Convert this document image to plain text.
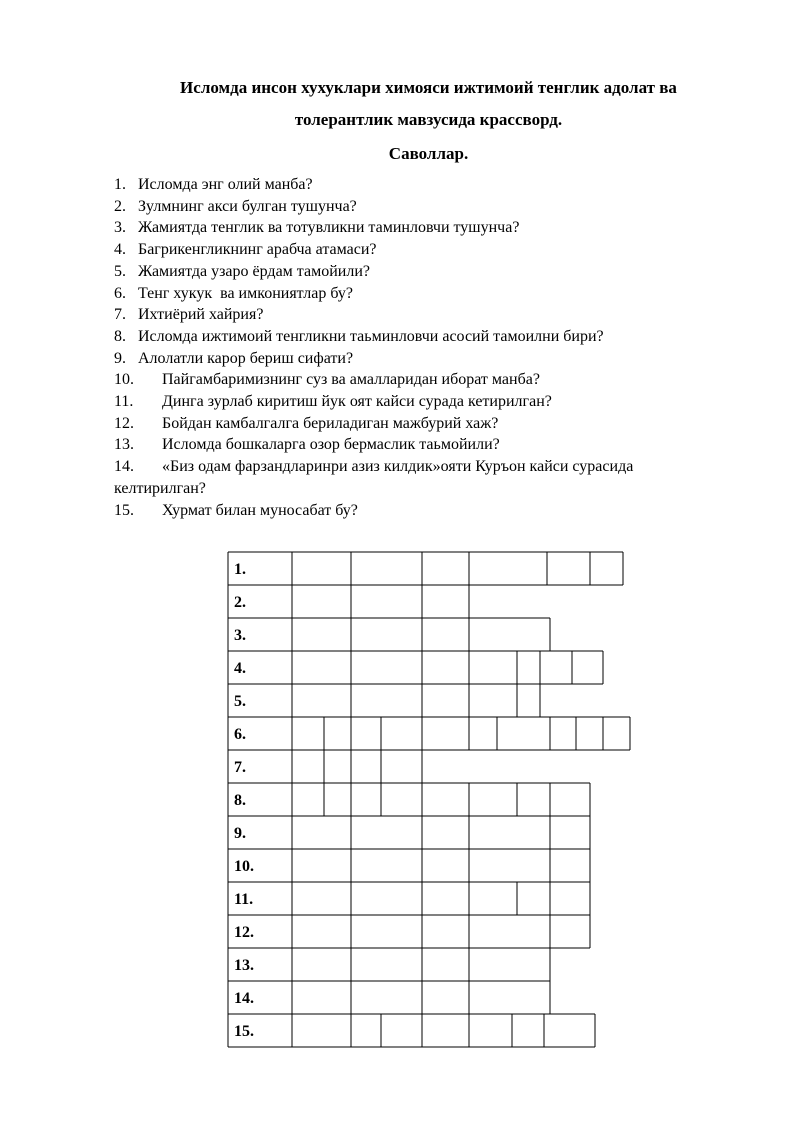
Исломда инсон хухуклари химояси ижтимоий тенглик адолат ва
толерантлик мавзусида крассворд.
Саволлар.
1. Исломда энг олий манба?
2. Зулмнинг акси булган тушунча?
3. Жамиятда тенглик ва тотувликни таминловчи тушунча?
4. Багрикенгликнинг арабча атамаси?
5. Жамиятда узаро ёрдам тамойили?
6. Тенг хукук  ва имкониятлар бу?
7. Ихтиёрий хайрия?
8. Исломда ижтимоий тенгликни таьминловчи асосий тамоилни бири?
9. Алолатли карор бериш сифати?
10. Пайгамбаримизнинг суз ва амалларидан иборат манба?
11. Динга зурлаб киритиш йук оят кайси сурада кетирилган?
12. Бойдан камбалгалга бериладиган мажбурий хаж?
13. Исломда бошкаларга озор бермаслик таьмойили?
14. «Биз одам фарзандларинри азиз килдик»ояти Куръон кайси сурасида
келтирилган?
15. Хурмат билан муносабат бу?
1.
2.
3.
4.
5.
6.
7.
8.
9.
10.
11.
12.
13.
14.
15.
